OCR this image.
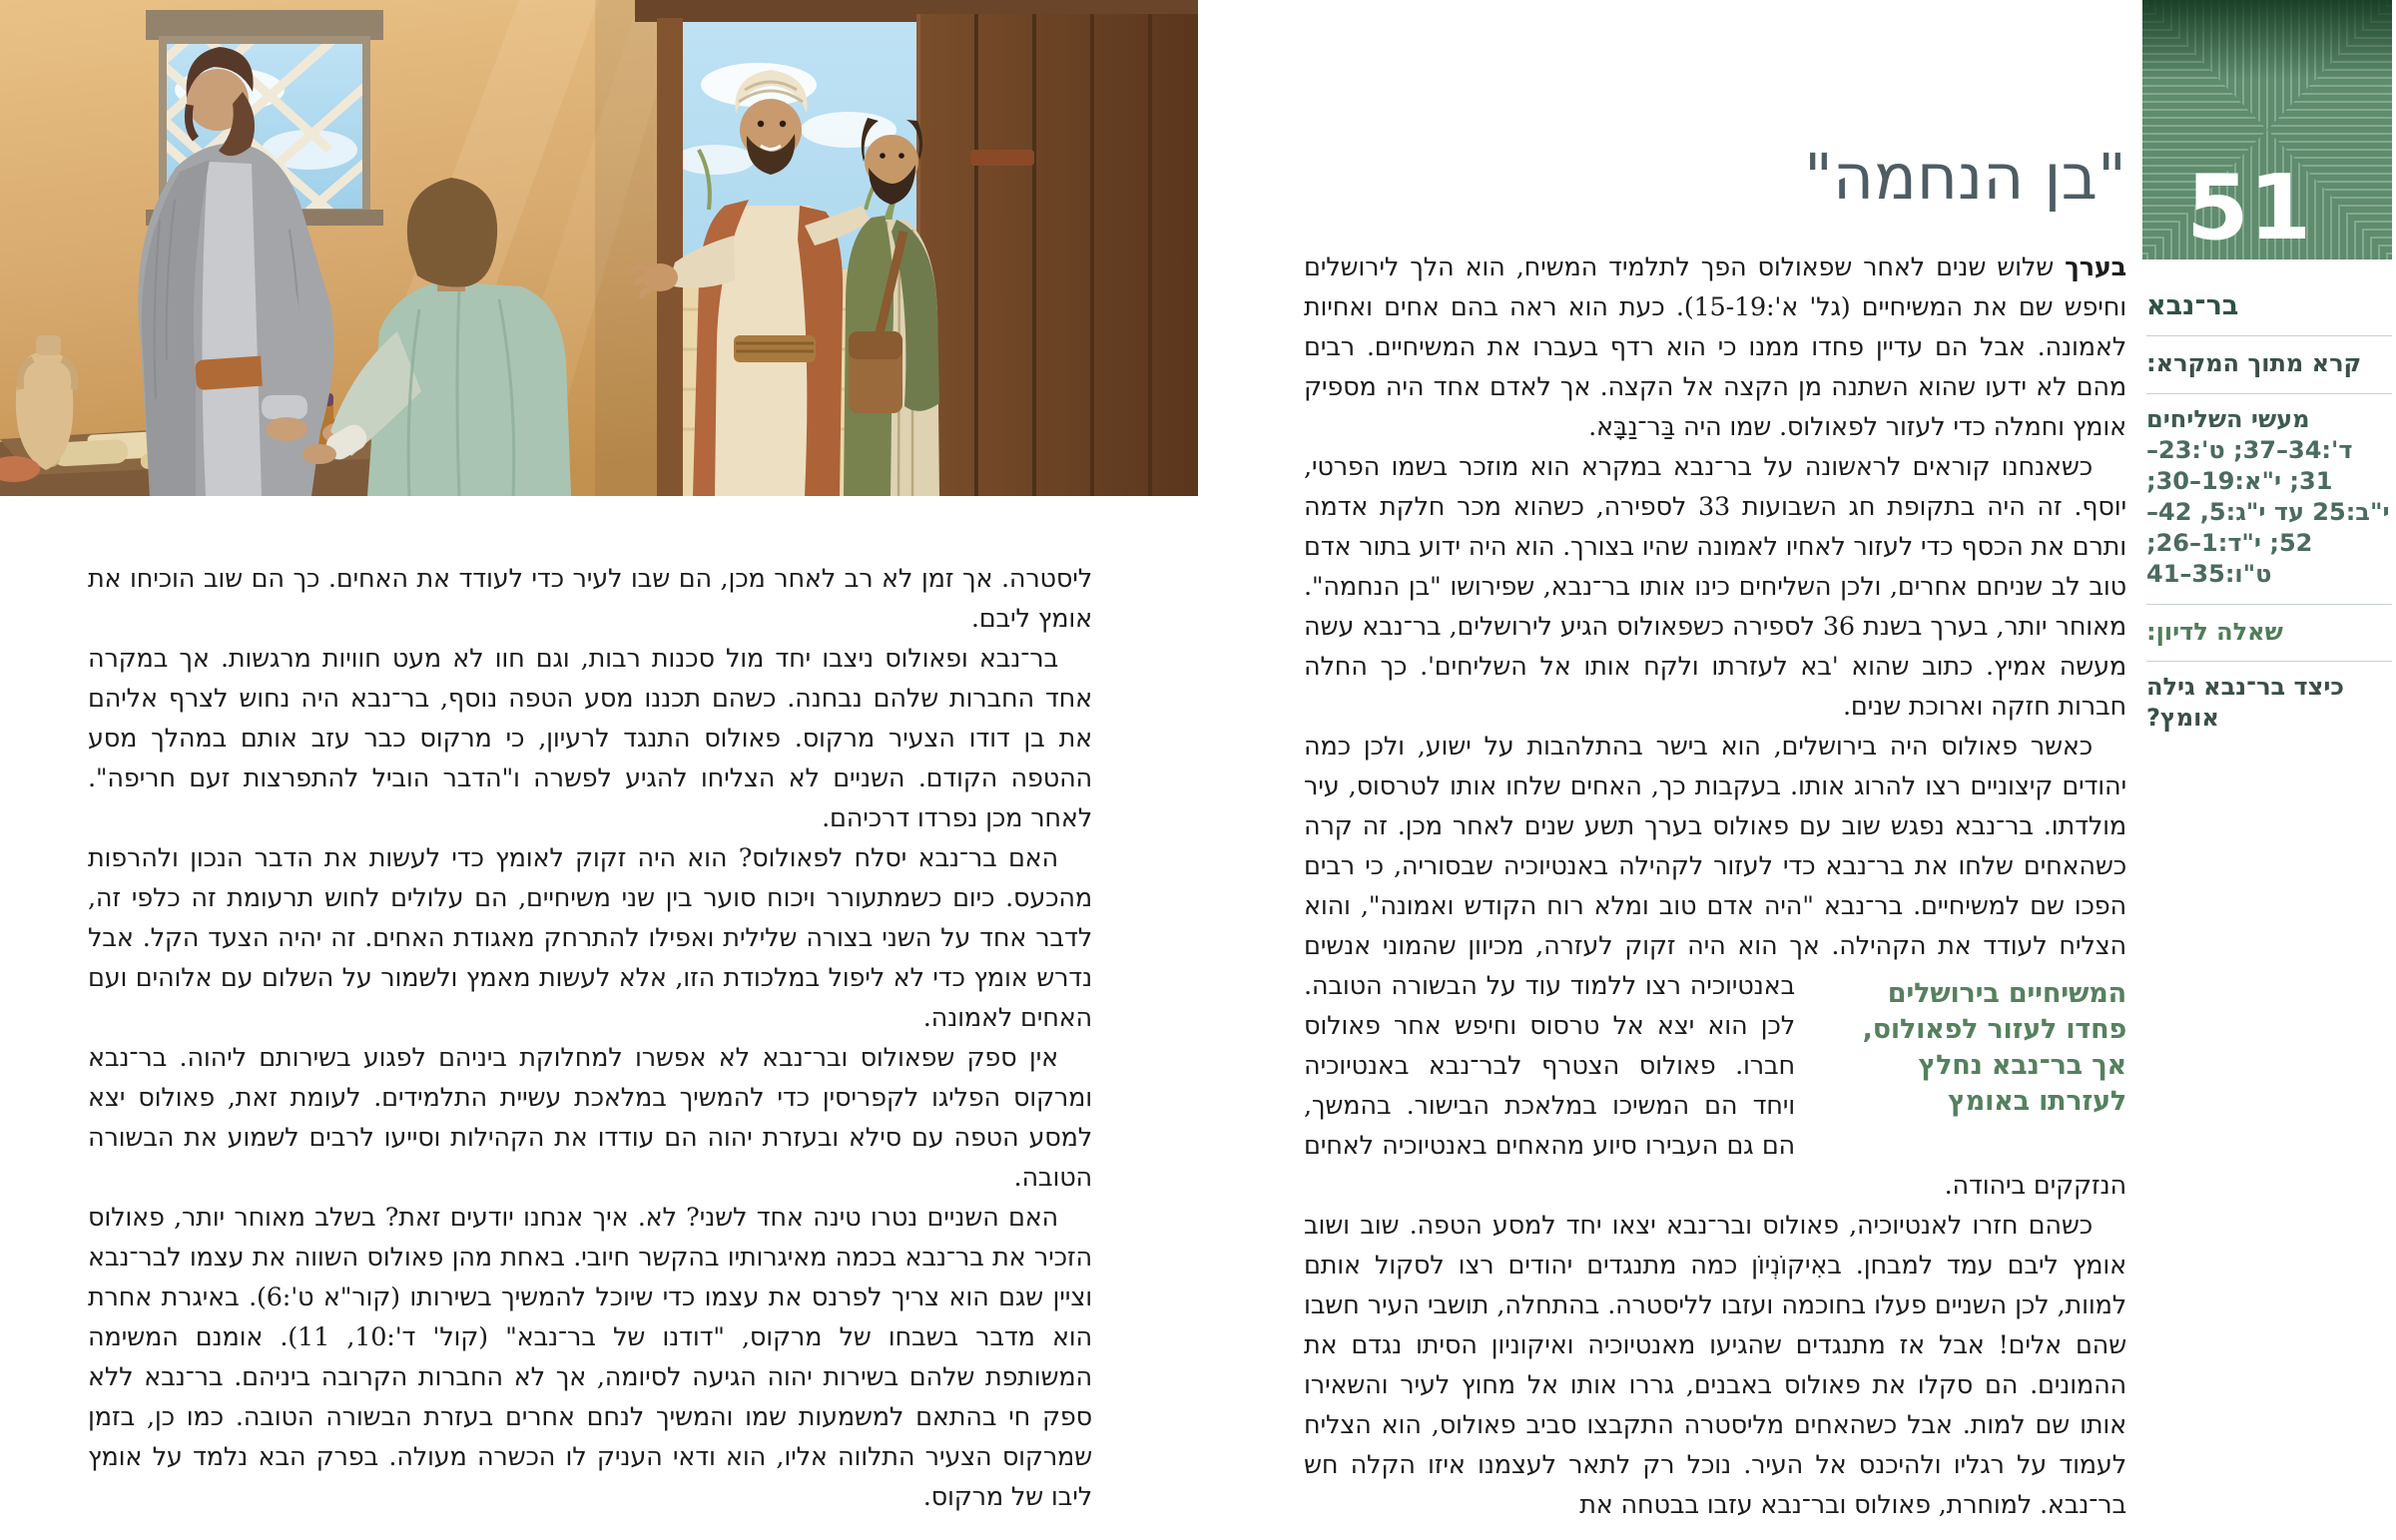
"בן הנחמה"

בערך שלוש שנים לאחר שפאולוס הפך לתלמיד המשיח, הוא הלך לירושלים וחיפש שם את המשיחיים (גל' א':15-19). כעת הוא ראה בהם אחים ואחיות לאמונה. אבל הם עדיין פחדו ממנו כי הוא רדף בעברו את המשיחיים. רבים מהם לא ידעו שהוא השתנה מן הקצה אל הקצה. אך לאדם אחד היה מספיק אומץ וחמלה כדי לעזור לפאולוס. שמו היה בַּר־נַבָּא.

כשאנחנו קוראים לראשונה על בר־נבא במקרא הוא מוזכר בשמו הפרטי, יוסף. זה היה בתקופת חג השבועות 33 לספירה, כשהוא מכר חלקת אדמה ותרם את הכסף כדי לעזור לאחיו לאמונה שהיו בצורך. הוא היה ידוע בתור אדם טוב לב שניחם אחרים, ולכן השליחים כינו אותו בר־נבא, שפירושו "בן הנחמה". מאוחר יותר, בערך בשנת 36 לספירה כשפאולוס הגיע לירושלים, בר־נבא עשה מעשה אמיץ. כתוב שהוא 'בא לעזרתו ולקח אותו אל השליחים'. כך החלה חברות חזקה וארוכת שנים.

כאשר פאולוס היה בירושלים, הוא בישר בהתלהבות על ישוע, ולכן כמה יהודים קיצוניים רצו להרוג אותו. בעקבות כך, האחים שלחו אותו לטרסוס, עיר מולדתו. בר־נבא נפגש שוב עם פאולוס בערך תשע שנים לאחר מכן. זה קרה כשהאחים שלחו את בר־נבא כדי לעזור לקהילה באנטיוכיה שבסוריה, כי רבים הפכו שם למשיחיים. בר־נבא "היה אדם טוב ומלא רוח הקודש ואמונה", והוא הצליח לעודד את הקהילה. אך הוא היה זקוק לעזרה, מכיוון שהמוני אנשים באנטיוכיה רצו ללמוד עוד על	המשיחיים בירושלים פחדו לעזור לפאולוס, אך בר־נבא נחלץ לעזרתו באומץ
הבשורה הטובה. לכן הוא יצא אל טרסוס וחיפש אחר פאולוס חברו. פאולוס הצטרף לבר־נבא באנטיוכיה ויחד הם המשיכו במלאכת הבישור. בהמשך, הם גם העבירו סיוע מהאחים באנטיוכיה לאחים הנזקקים ביהודה.

כשהם חזרו לאנטיוכיה, פאולוס ובר־נבא יצאו יחד למסע הטפה. שוב ושוב אומץ ליבם עמד למבחן. באִיקוֹנְיוֹן כמה מתנגדים יהודים רצו לסקול אותם למוות, לכן השניים פעלו בחוכמה ועזבו לליסטרה. בהתחלה, תושבי העיר חשבו שהם אלים! אבל אז מתנגדים שהגיעו מאנטיוכיה ואיקוניון הסיתו נגדם את ההמונים. הם סקלו את פאולוס באבנים, גררו אותו אל מחוץ לעיר והשאירו אותו שם למות. אבל כשהאחים מליסטרה התקבצו סביב פאולוס, הוא הצליח לעמוד על רגליו ולהיכנס אל העיר. נוכל רק לתאר לעצמנו איזו הקלה חש בר־נבא. למוחרת, פאולוס ובר־נבא עזבו בבטחה את

ליסטרה. אך זמן לא רב לאחר מכן, הם שבו לעיר כדי לעודד את האחים. כך הם שוב הוכיחו את אומץ ליבם.

בר־נבא ופאולוס ניצבו יחד מול סכנות רבות, וגם חוו לא מעט חוויות מרגשות. אך במקרה אחד החברות שלהם נבחנה. כשהם תכננו מסע הטפה נוסף, בר־נבא היה נחוש לצרף אליהם את בן דודו הצעיר מרקוס. פאולוס התנגד לרעיון, כי מרקוס כבר עזב אותם במהלך מסע ההטפה הקודם. השניים לא הצליחו להגיע לפשרה ו"הדבר הוביל להתפרצות זעם חריפה". לאחר מכן נפרדו דרכיהם.

האם בר־נבא יסלח לפאולוס? הוא היה זקוק לאומץ כדי לעשות את הדבר הנכון ולהרפות מהכעס. כיום כשמתעורר ויכוח סוער בין שני משיחיים, הם עלולים לחוש תרעומת זה כלפי זה, לדבר אחד על השני בצורה שלילית ואפילו להתרחק מאגודת האחים. זה יהיה הצעד הקל. אבל נדרש אומץ כדי לא ליפול במלכודת הזו, אלא לעשות מאמץ ולשמור על השלום עם אלוהים ועם האחים לאמונה.

אין ספק שפאולוס ובר־נבא לא אפשרו למחלוקת ביניהם לפגוע בשירותם ליהוה. בר־נבא ומרקוס הפליגו לקפריסין כדי להמשיך במלאכת עשיית התלמידים. לעומת זאת, פאולוס יצא למסע הטפה עם סילא ובעזרת יהוה הם עודדו את הקהילות וסייעו לרבים לשמוע את הבשורה הטובה.

האם השניים נטרו טינה אחד לשני? לא. איך אנחנו יודעים זאת? בשלב מאוחר יותר, פאולוס הזכיר את בר־נבא בכמה מאיגרותיו בהקשר חיובי. באחת מהן פאולוס השווה את עצמו לבר־נבא וציין שגם הוא צריך לפרנס את עצמו כדי שיוכל להמשיך בשירותו (קור"א ט':6). באיגרת אחרת הוא מדבר בשבחו של מרקוס, "דודנו של בר־נבא" (קול' ד':10, 11). אומנם המשימה המשותפת שלהם בשירות יהוה הגיעה לסיומה, אך לא החברות הקרובה ביניהם. בר־נבא ללא ספק חי בהתאם למשמעות שמו והמשיך לנחם אחרים בעזרת הבשורה הטובה. כמו כן, בזמן שמרקוס הצעיר התלווה אליו, הוא ודאי העניק לו הכשרה מעולה. בפרק הבא נלמד על אומץ ליבו של מרקוס.

51
בר־נבא
קרא מתוך המקרא:
מעשי השליחים
ד':34–37; ט':23–31; י"א:19–30; י"ב:25 עד י"ג:5, 42–52; י"ד:1–26; ט"ו:35–41
שאלה לדיון:
כיצד בר־נבא גילה אומץ?
